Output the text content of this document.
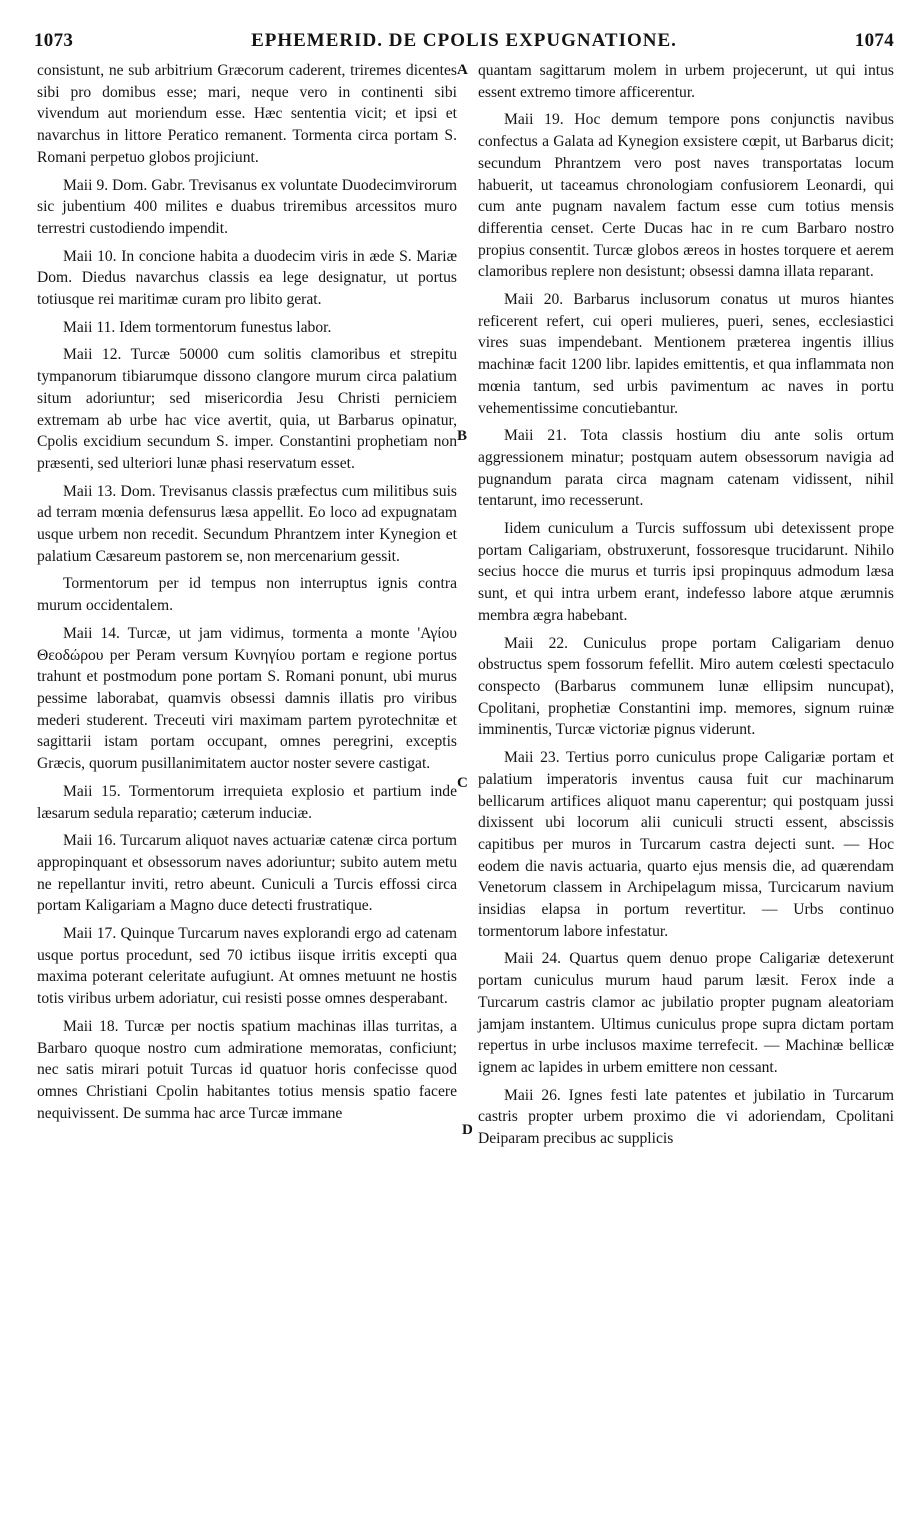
1073	EPHEMERID. DE CPOLIS EXPUGNATIONE.	1074
A
B
C
D

consistunt, ne sub arbitrium Græcorum caderent, triremes dicentes sibi pro domibus esse; mari, neque vero in continenti sibi vivendum aut moriendum esse. Hæc sententia vicit; et ipsi et navarchus in littore Peratico remanent. Tormenta circa portam S. Romani perpetuo globos projiciunt.

Maii 9. Dom. Gabr. Trevisanus ex voluntate Duodecimvirorum sic jubentium 400 milites e duabus triremibus arcessitos muro terrestri custodiendo impendit.

Maii 10. In concione habita a duodecim viris in æde S. Mariæ Dom. Diedus navarchus classis ea lege designatur, ut portus totiusque rei maritimæ curam pro libito gerat.

Maii 11. Idem tormentorum funestus labor.

Maii 12. Turcæ 50000 cum solitis clamoribus et strepitu tympanorum tibiarumque dissono clangore murum circa palatium situm adoriuntur; sed misericordia Jesu Christi perniciem extremam ab urbe hac vice avertit, quia, ut Barbarus opinatur, Cpolis excidium secundum S. imper. Constantini prophetiam non præsenti, sed ulteriori lunæ phasi reservatum esset.

Maii 13. Dom. Trevisanus classis præfectus cum militibus suis ad terram mœnia defensurus læsa appellit. Eo loco ad expugnatam usque urbem non recedit. Secundum Phrantzem inter Kynegion et palatium Cæsareum pastorem se, non mercenarium gessit.

Tormentorum per id tempus non interruptus ignis contra murum occidentalem.

Maii 14. Turcæ, ut jam vidimus, tormenta a monte 'Αγίου Θεοδώρου per Peram versum Κυνηγίου portam e regione portus trahunt et postmodum pone portam S. Romani ponunt, ubi murus pessime laborabat, quamvis obsessi damnis illatis pro viribus mederi studerent. Treceuti viri maximam partem pyrotechnitæ et sagittarii istam portam occupant, omnes peregrini, exceptis Græcis, quorum pusillanimitatem auctor noster severe castigat.

Maii 15. Tormentorum irrequieta explosio et partium inde læsarum sedula reparatio; cæterum induciæ.

Maii 16. Turcarum aliquot naves actuariæ catenæ circa portum appropinquant et obsessorum naves adoriuntur; subito autem metu ne repellantur inviti, retro abeunt. Cuniculi a Turcis effossi circa portam Kaligariam a Magno duce detecti frustratique.

Maii 17. Quinque Turcarum naves explorandi ergo ad catenam usque portus procedunt, sed 70 ictibus iisque irritis excepti qua maxima poterant celeritate aufugiunt. At omnes metuunt ne hostis totis viribus urbem adoriatur, cui resisti posse omnes desperabant.

Maii 18. Turcæ per noctis spatium machinas illas turritas, a Barbaro quoque nostro cum admiratione memoratas, conficiunt; nec satis mirari potuit Turcas id quatuor horis confecisse quod omnes Christiani Cpolin habitantes totius mensis spatio facere nequivissent. De summa hac arce Turcæ immane

quantam sagittarum molem in urbem projecerunt, ut qui intus essent extremo timore afficerentur.

Maii 19. Hoc demum tempore pons conjunctis navibus confectus a Galata ad Kynegion exsistere cœpit, ut Barbarus dicit; secundum Phrantzem vero post naves transportatas locum habuerit, ut taceamus chronologiam confusiorem Leonardi, qui cum ante pugnam navalem factum esse cum totius mensis differentia censet. Certe Ducas hac in re cum Barbaro nostro propius consentit. Turcæ globos æreos in hostes torquere et aerem clamoribus replere non desistunt; obsessi damna illata reparant.

Maii 20. Barbarus inclusorum conatus ut muros hiantes reficerent refert, cui operi mulieres, pueri, senes, ecclesiastici vires suas impendebant. Mentionem præterea ingentis illius machinæ facit 1200 libr. lapides emittentis, et qua inflammata non mœnia tantum, sed urbis pavimentum ac naves in portu vehementissime concutiebantur.

Maii 21. Tota classis hostium diu ante solis ortum aggressionem minatur; postquam autem obsessorum navigia ad pugnandum parata circa magnam catenam vidissent, nihil tentarunt, imo recesserunt.

Iidem cuniculum a Turcis suffossum ubi detexissent prope portam Caligariam, obstruxerunt, fossoresque trucidarunt. Nihilo secius hocce die murus et turris ipsi propinquus admodum læsa sunt, et qui intra urbem erant, indefesso labore atque ærumnis membra ægra habebant.

Maii 22. Cuniculus prope portam Caligariam denuo obstructus spem fossorum fefellit. Miro autem cœlesti spectaculo conspecto (Barbarus communem lunæ ellipsim nuncupat), Cpolitani, prophetiæ Constantini imp. memores, signum ruinæ imminentis, Turcæ victoriæ pignus viderunt.

Maii 23. Tertius porro cuniculus prope Caligariæ portam et palatium imperatoris inventus causa fuit cur machinarum bellicarum artifices aliquot manu caperentur; qui postquam jussi dixissent ubi locorum alii cuniculi structi essent, abscissis capitibus per muros in Turcarum castra dejecti sunt. — Hoc eodem die navis actuaria, quarto ejus mensis die, ad quærendam Venetorum classem in Archipelagum missa, Turcicarum navium insidias elapsa in portum revertitur. — Urbs continuo tormentorum labore infestatur.

Maii 24. Quartus quem denuo prope Caligariæ detexerunt portam cuniculus murum haud parum læsit. Ferox inde a Turcarum castris clamor ac jubilatio propter pugnam aleatoriam jamjam instantem. Ultimus cuniculus prope supra dictam portam repertus in urbe inclusos maxime terrefecit. — Machinæ bellicæ ignem ac lapides in urbem emittere non cessant.

Maii 26. Ignes festi late patentes et jubilatio in Turcarum castris propter urbem proximo die vi adoriendam, Cpolitani Deiparam precibus ac supplicis
